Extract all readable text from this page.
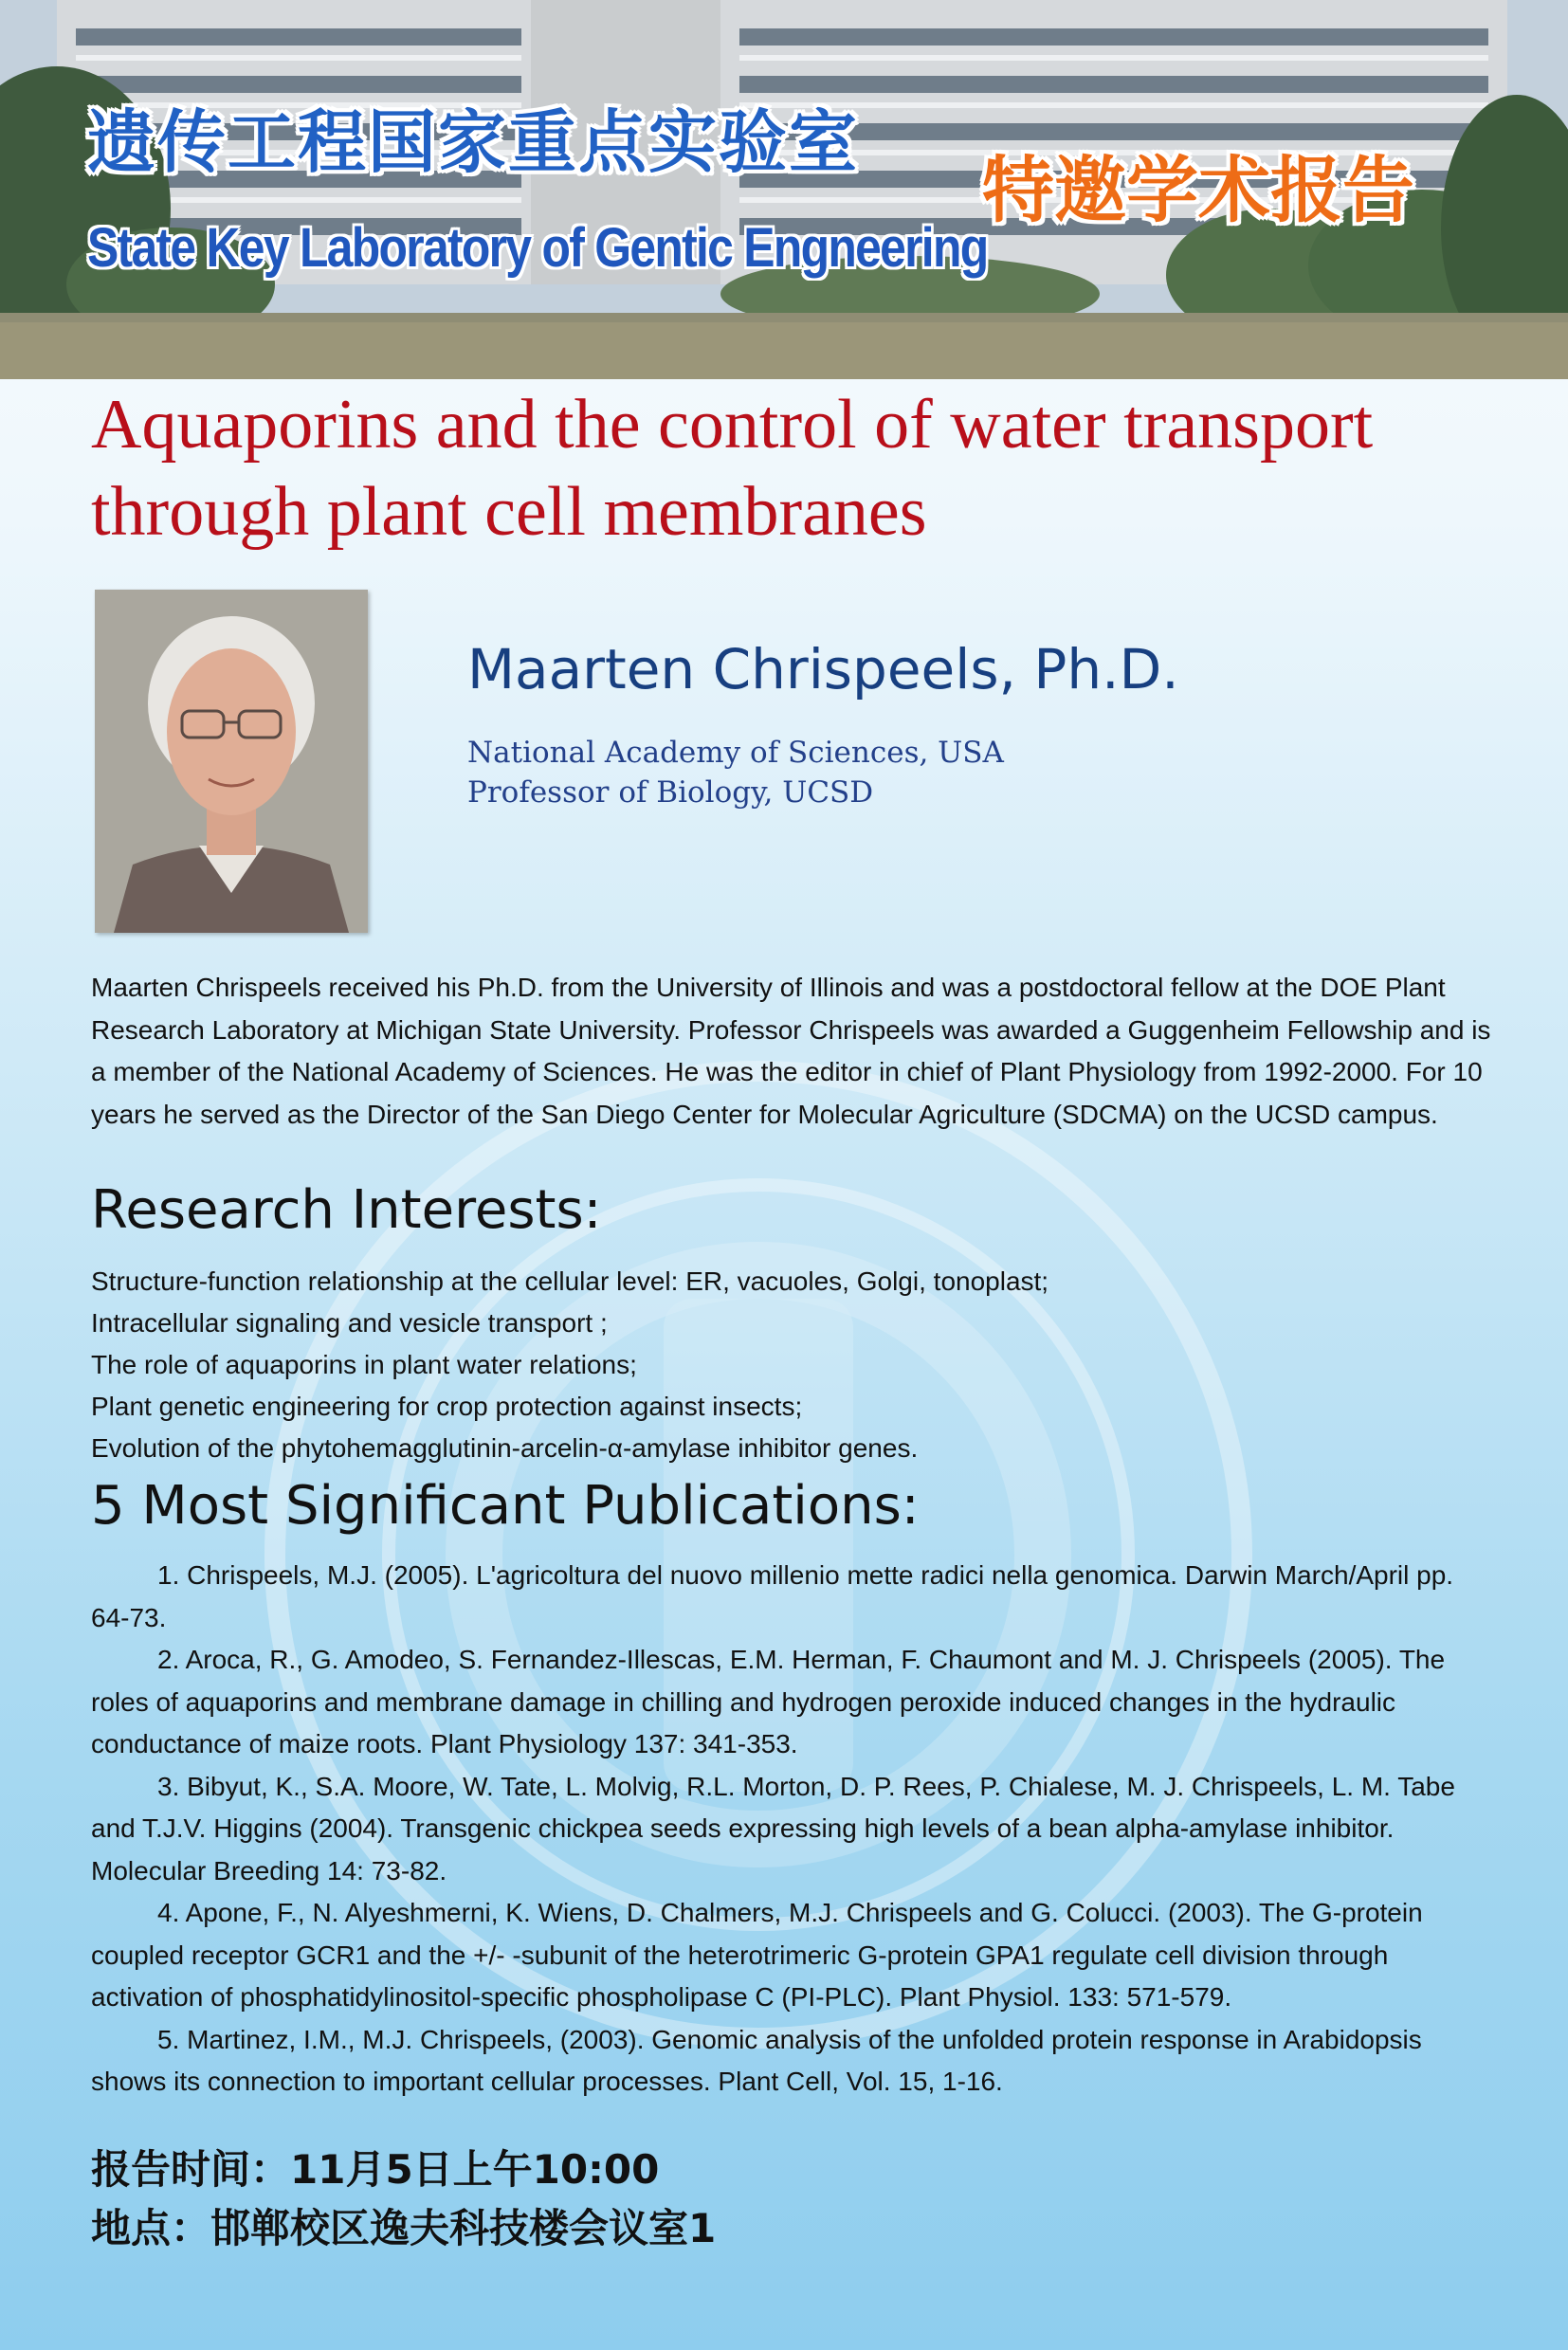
遗传工程国家重点实验室
State Key Laboratory of Gentic Engneering
特邀学术报告
Aquaporins and the control of water transport
through plant cell membranes
Maarten Chrispeels, Ph.D.

National Academy of Sciences, USA

Professor of Biology, UCSD

Maarten Chrispeels received his Ph.D. from the University of Illinois and was a postdoctoral fellow at the DOE Plant Research Laboratory at Michigan State University. Professor Chrispeels was awarded a Guggenheim Fellowship and is a member of the National Academy of Sciences. He was the editor in chief of Plant Physiology from 1992-2000. For 10 years he served as the Director of the San Diego Center for Molecular Agriculture (SDCMA) on the UCSD campus.

Research Interests:
Structure-function relationship at the cellular level: ER, vacuoles, Golgi, tonoplast;
Intracellular signaling and vesicle transport ;
The role of aquaporins in plant water relations;
Plant genetic engineering for crop protection against insects;
Evolution of the phytohemagglutinin-arcelin-α-amylase inhibitor genes.
5 Most Significant Publications:
1. Chrispeels, M.J. (2005). L'agricoltura del nuovo millenio mette radici nella genomica. Darwin March/April pp. 64-73.
2. Aroca, R., G. Amodeo, S. Fernandez-Illescas, E.M. Herman, F. Chaumont and M. J. Chrispeels (2005). The roles of aquaporins and membrane damage in chilling and hydrogen peroxide induced changes in the hydraulic conductance of maize roots. Plant Physiology 137: 341-353.
3. Bibyut, K., S.A. Moore, W. Tate, L. Molvig, R.L. Morton, D. P. Rees, P. Chialese, M. J. Chrispeels, L. M. Tabe and T.J.V. Higgins (2004). Transgenic chickpea seeds expressing high levels of a bean alpha-amylase inhibitor. Molecular Breeding 14: 73-82.
4. Apone, F., N. Alyeshmerni, K. Wiens, D. Chalmers, M.J. Chrispeels and G. Colucci. (2003). The G-protein coupled receptor GCR1 and the +/- -subunit of the heterotrimeric G-protein GPA1 regulate cell division through activation of phosphatidylinositol-specific phospholipase C (PI-PLC). Plant Physiol. 133: 571-579.
5. Martinez, I.M., M.J. Chrispeels, (2003). Genomic analysis of the unfolded protein response in Arabidopsis shows its connection to important cellular processes. Plant Cell, Vol. 15, 1-16.

报告时间：11月5日上午10:00

地点：邯郸校区逸夫科技楼会议室1
